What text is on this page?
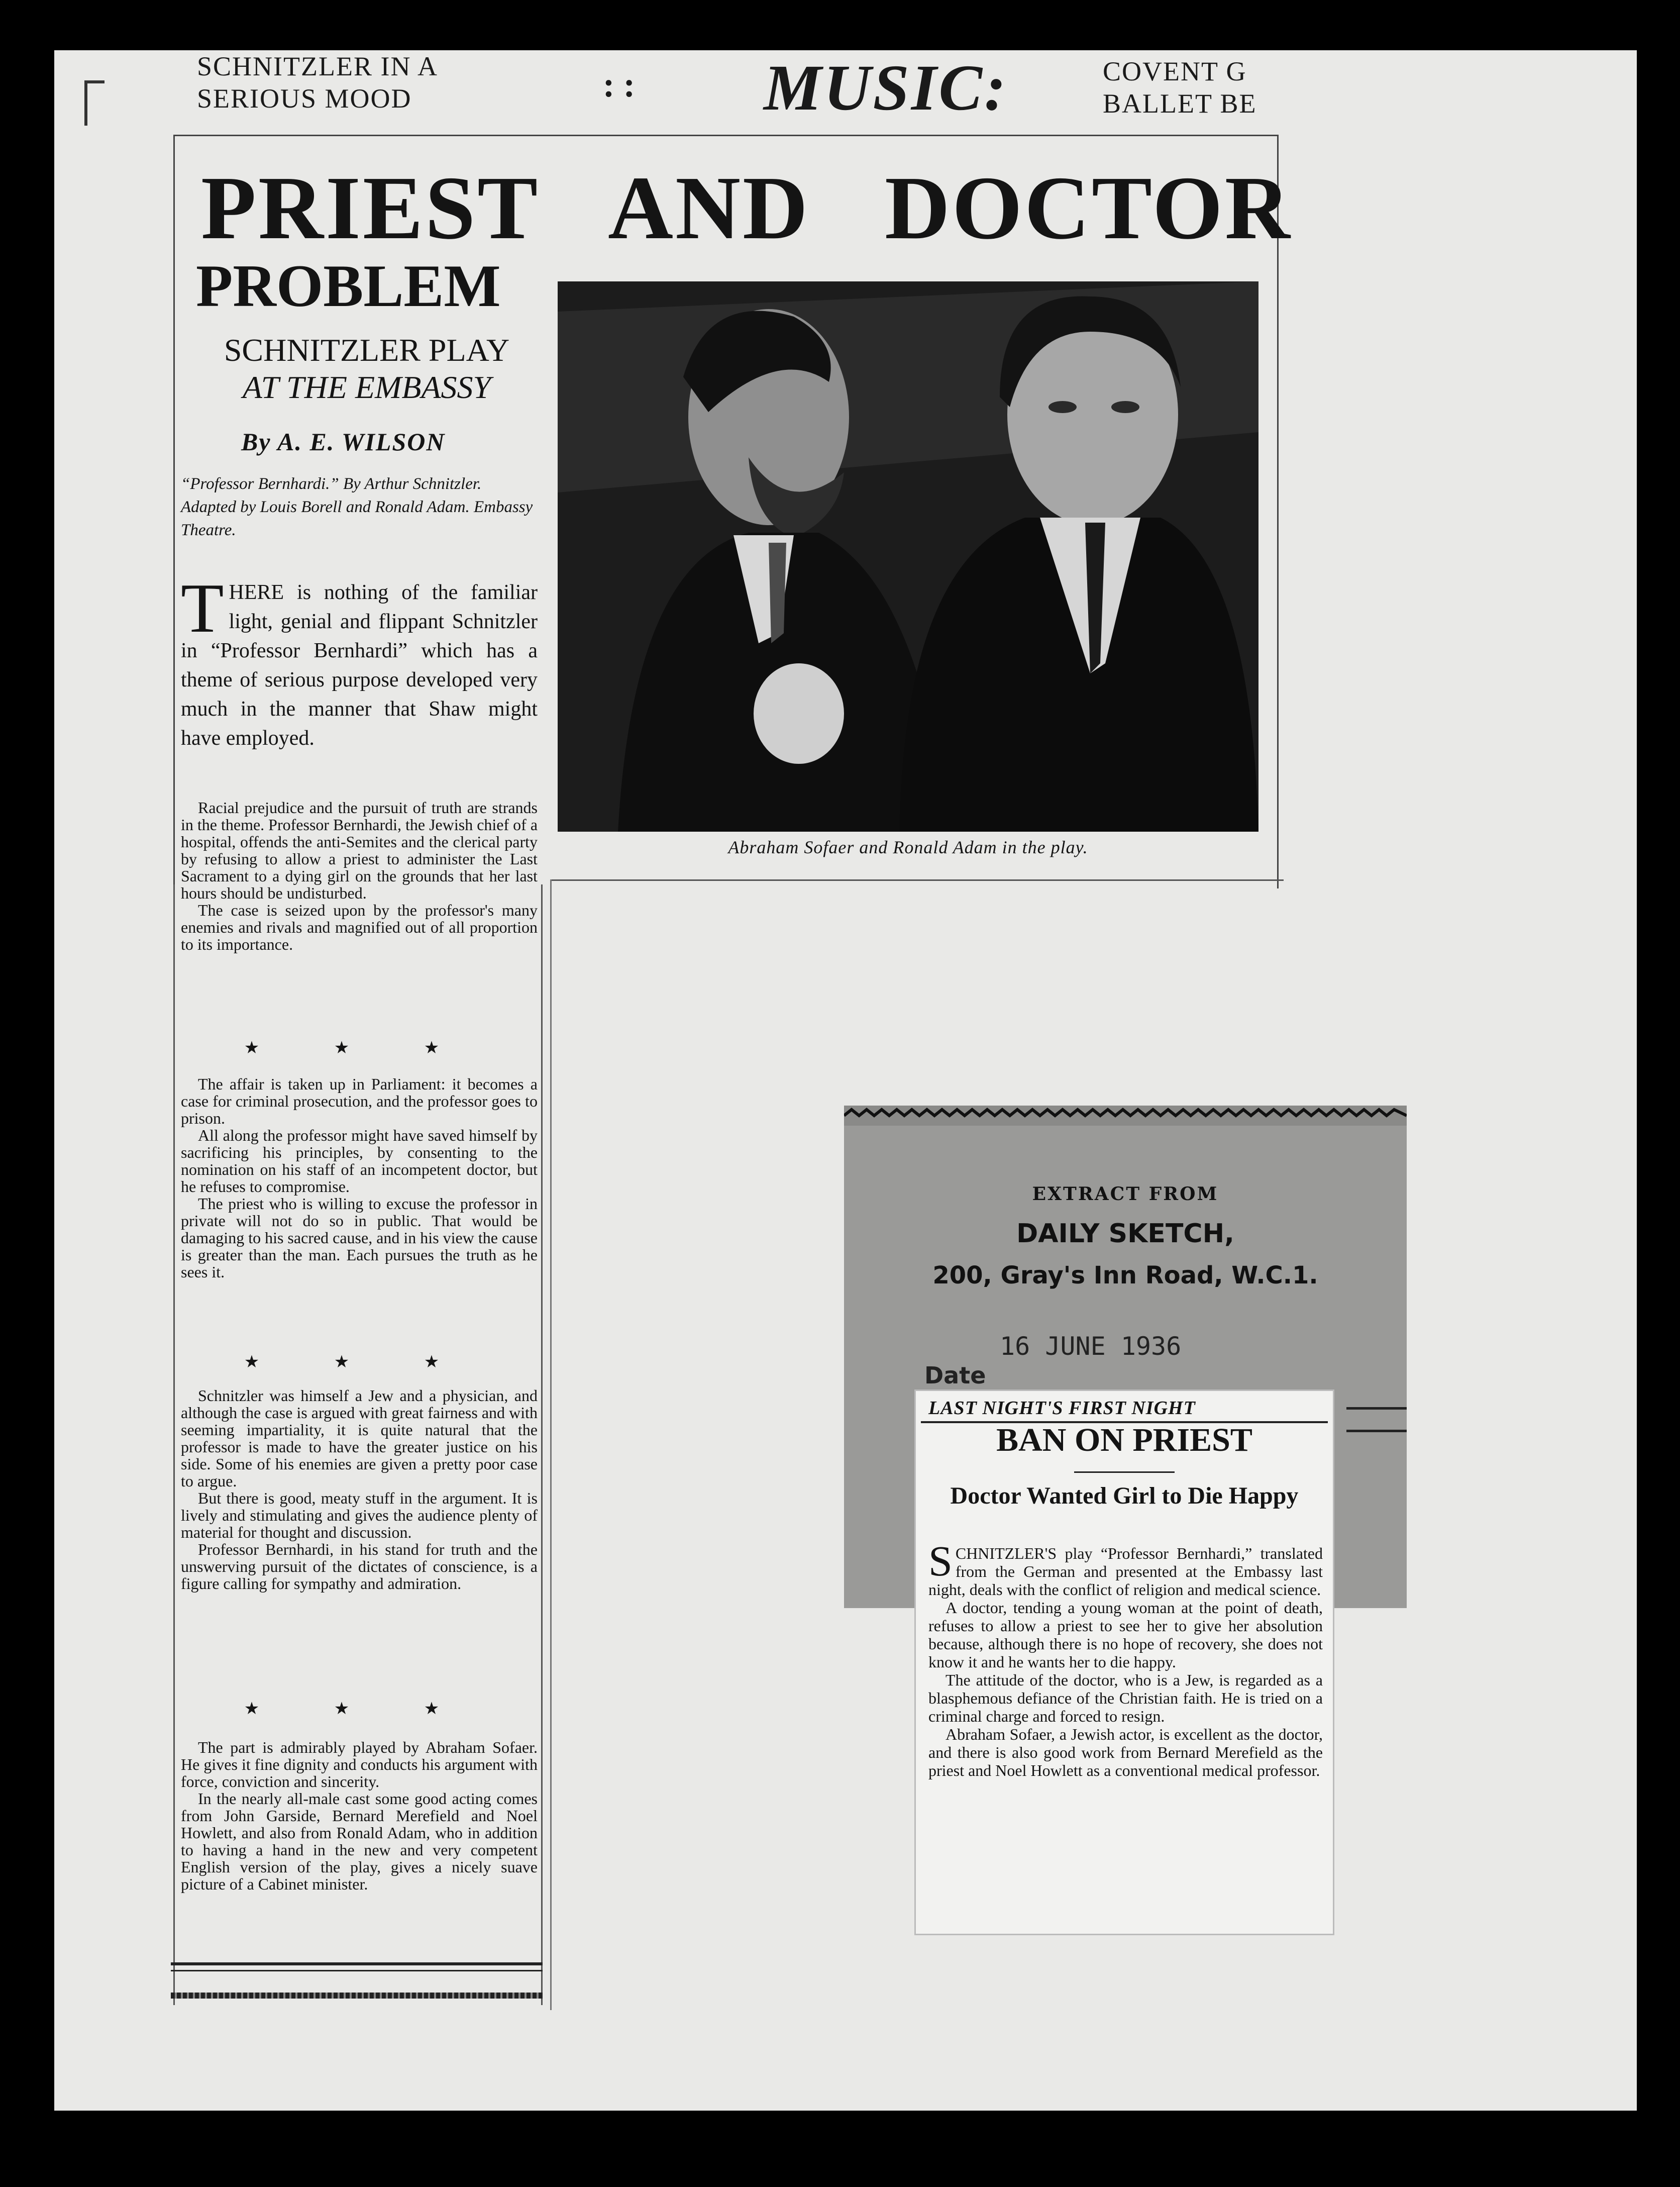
SCHNITZLER IN A
SERIOUS MOOD	: : MUSIC:	COVENT G
BALLET BE
PRIEST AND DOCTOR
PROBLEM
SCHNITZLER PLAY
AT THE EMBASSY
By A. E. WILSON
“Professor Bernhardi.” By Arthur Schnitzler. Adapted by Louis Borell and Ronald Adam. Embassy Theatre.
T HERE is nothing of the familiar light, genial and flippant Schnitzler in “Professor Bernhardi” which has a theme of serious purpose developed very much in the manner that Shaw might have employed.

Racial prejudice and the pursuit of truth are strands in the theme. Professor Bernhardi, the Jewish chief of a hospital, offends the anti-Semites and the clerical party by refusing to allow a priest to administer the Last Sacrament to a dying girl on the grounds that her last hours should be undisturbed.

The case is seized upon by the professor's many enemies and rivals and magnified out of all proportion to its importance.

★ ★ ★

The affair is taken up in Parliament: it becomes a case for criminal prosecution, and the professor goes to prison.

All along the professor might have saved himself by sacrificing his principles, by consenting to the nomination on his staff of an incompetent doctor, but he refuses to compromise.

The priest who is willing to excuse the professor in private will not do so in public. That would be damaging to his sacred cause, and in his view the cause is greater than the man. Each pursues the truth as he sees it.

★ ★ ★

Schnitzler was himself a Jew and a physician, and although the case is argued with great fairness and with seeming impartiality, it is quite natural that the professor is made to have the greater justice on his side. Some of his enemies are given a pretty poor case to argue.

But there is good, meaty stuff in the argument. It is lively and stimulating and gives the audience plenty of material for thought and discussion.

Professor Bernhardi, in his stand for truth and the unswerving pursuit of the dictates of conscience, is a figure calling for sympathy and admiration.

★ ★ ★

The part is admirably played by Abraham Sofaer. He gives it fine dignity and conducts his argument with force, conviction and sincerity.

In the nearly all-male cast some good acting comes from John Garside, Bernard Merefield and Noel Howlett, and also from Ronald Adam, who in addition to having a hand in the new and very competent English version of the play, gives a nicely suave picture of a Cabinet minister.

Abraham Sofaer and Ronald Adam in the play.
EXTRACT FROM
DAILY SKETCH,
200, Gray's Inn Road, W.C.1.
16 JUNE 1936
Date
LAST NIGHT'S FIRST NIGHT
BAN ON PRIEST
Doctor Wanted Girl to Die Happy

SCHNITZLER'S play “Professor Bernhardi,” translated from the German and presented at the Embassy last night, deals with the conflict of religion and medical science.

A doctor, tending a young woman at the point of death, refuses to allow a priest to see her to give her absolution because, although there is no hope of recovery, she does not know it and he wants her to die happy.

The attitude of the doctor, who is a Jew, is regarded as a blasphemous defiance of the Christian faith. He is tried on a criminal charge and forced to resign.

Abraham Sofaer, a Jewish actor, is excellent as the doctor, and there is also good work from Bernard Merefield as the priest and Noel Howlett as a conventional medical professor.
